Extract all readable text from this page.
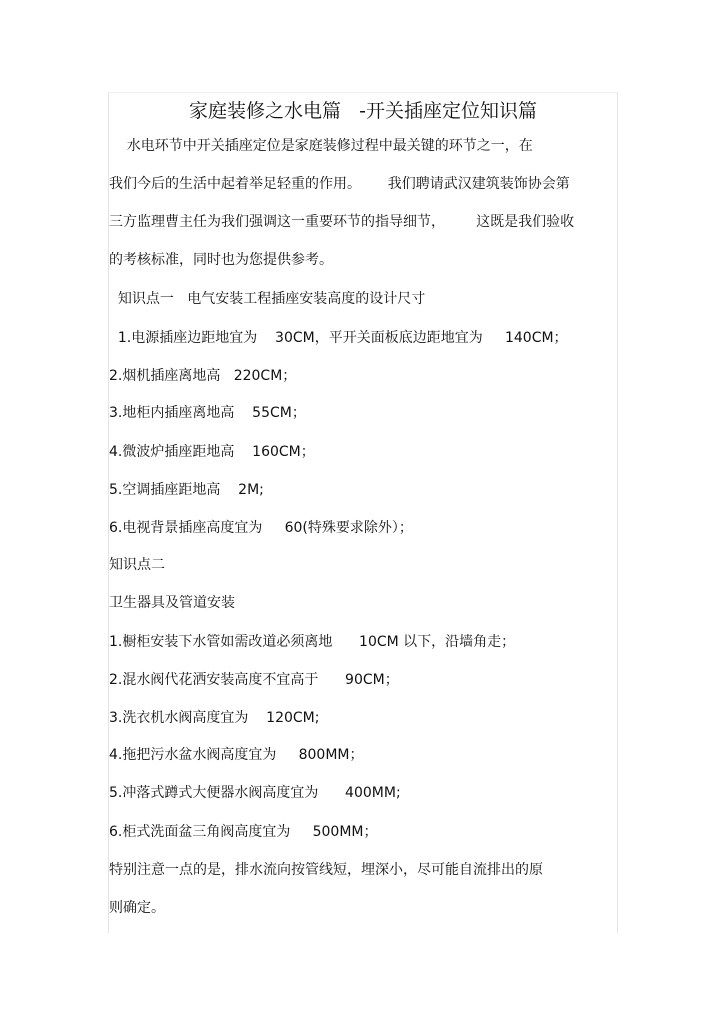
家庭装修之水电篇   -开关插座定位知识篇
水电环节中开关插座定位是家庭装修过程中最关键的环节之一，在
我们今后的生活中起着举足轻重的作用。      我们聘请武汉建筑装饰协会第
三方监理曹主任为我们强调这一重要环节的指导细节，       这既是我们验收
的考核标准，同时也为您提供参考。
知识点一   电气安装工程插座安装高度的设计尺寸
1.电源插座边距地宜为    30CM，平开关面板底边距地宜为     140CM；
2.烟机插座离地高   220CM；
3.地柜内插座离地高    55CM；
4.微波炉插座距地高    160CM；
5.空调插座距地高    2M;
6.电视背景插座高度宜为     60(特殊要求除外）；
知识点二
卫生器具及管道安装
1.橱柜安装下水管如需改道必须离地      10CM 以下，沿墙角走；
2.混水阀代花洒安装高度不宜高于      90CM；
3.洗衣机水阀高度宜为    120CM;
4.拖把污水盆水阀高度宜为     800MM；
5.冲落式蹲式大便器水阀高度宜为      400MM;
6.柜式洗面盆三角阀高度宜为     500MM；
特别注意一点的是，排水流向按管线短，埋深小，尽可能自流排出的原
则确定。
